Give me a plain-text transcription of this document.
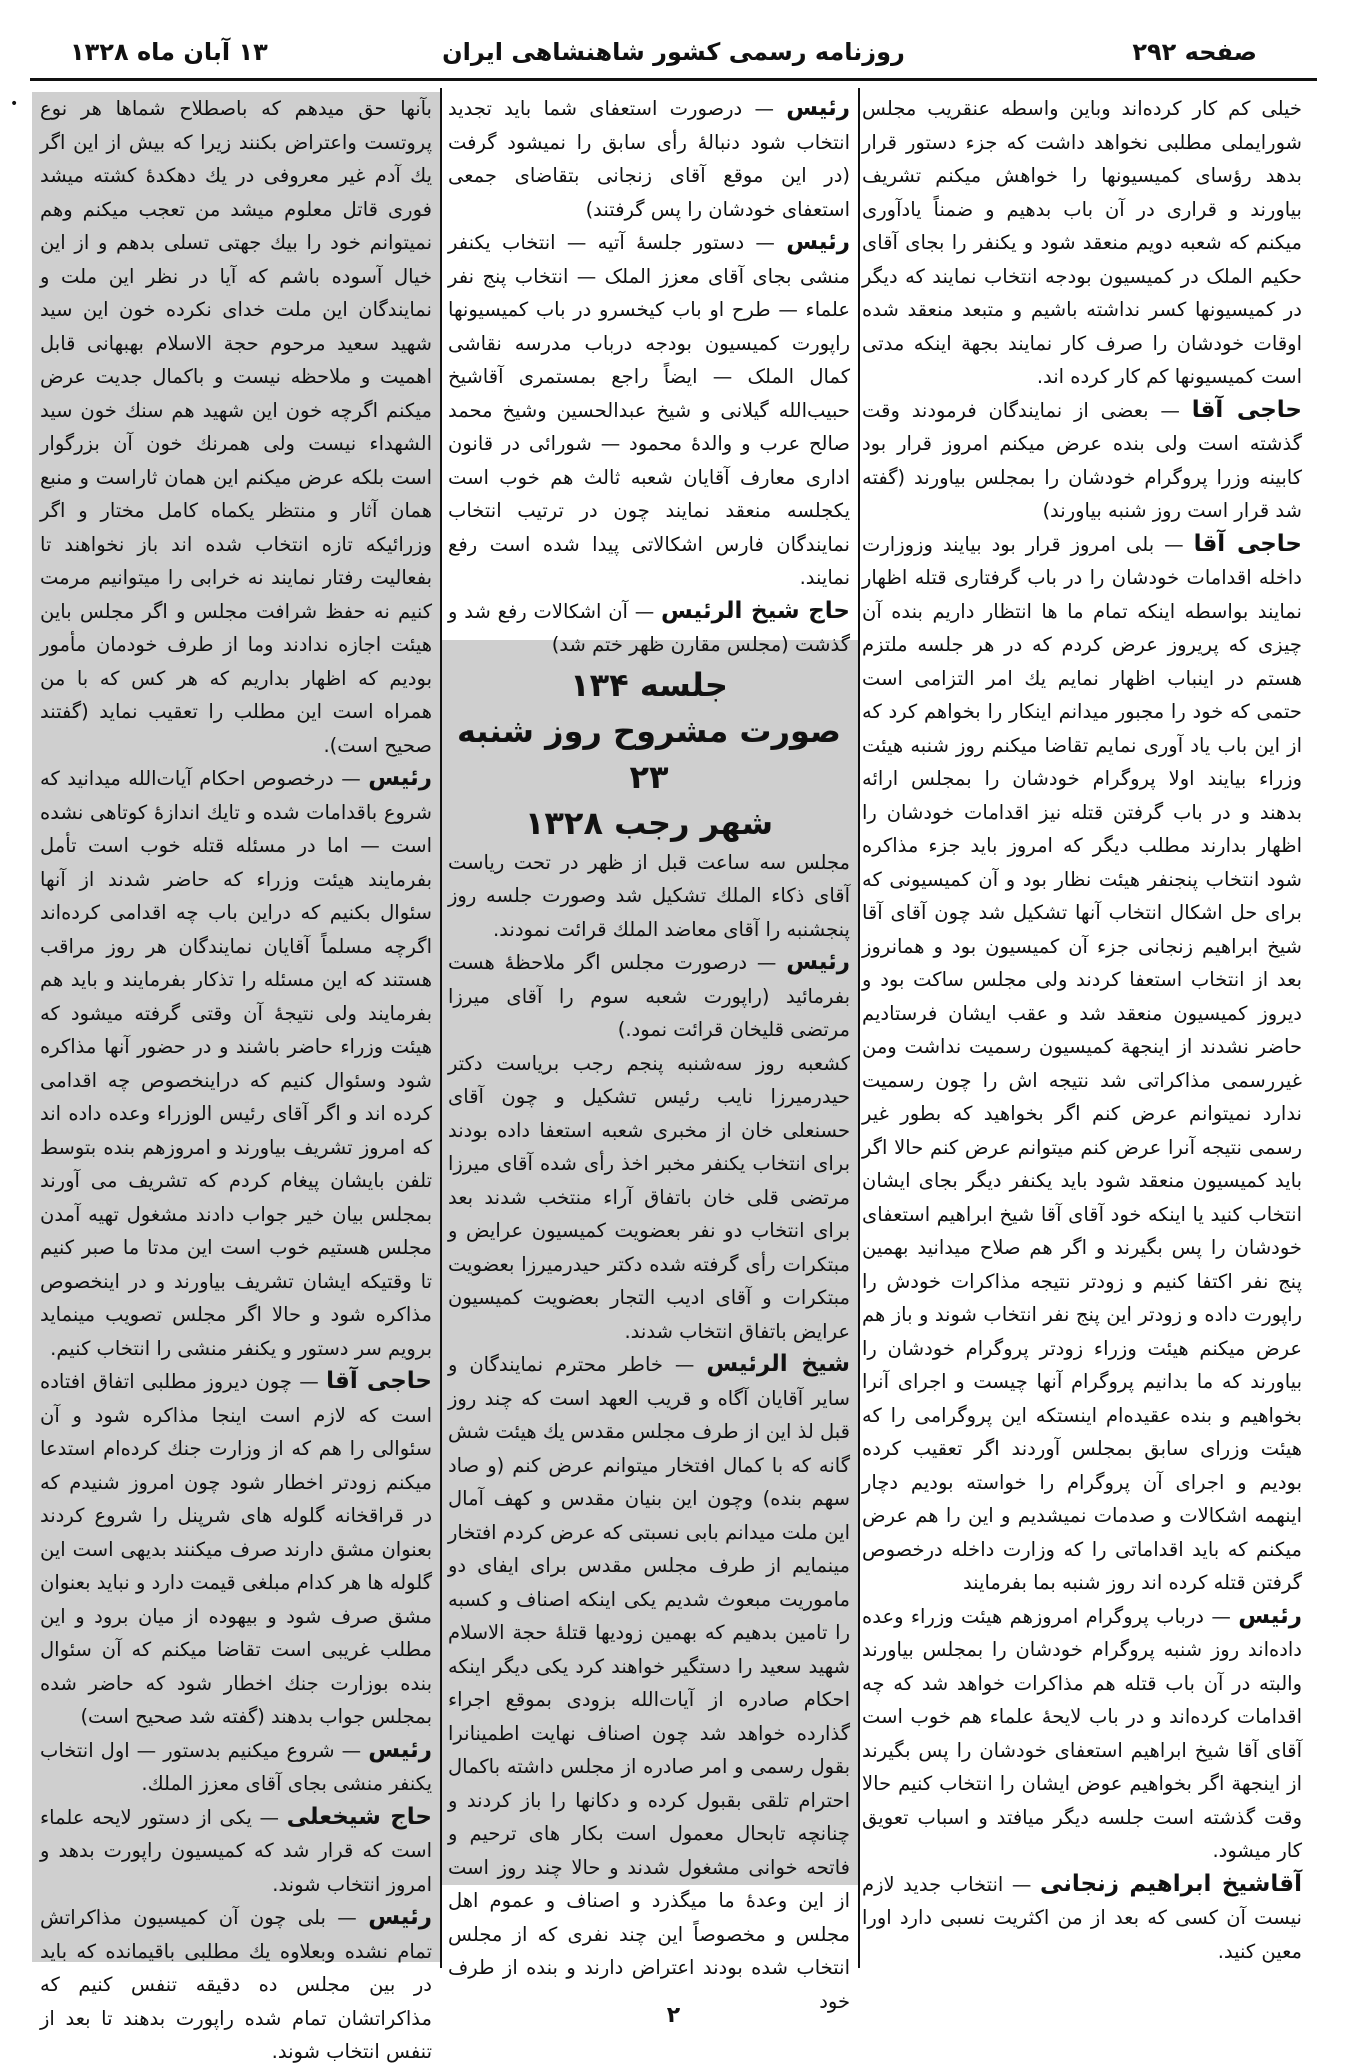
صفحه ۲۹۲
روزنامه رسمی کشور شاهنشاهی ایران
۱۳ آبان ماه ۱۳۲۸
•	خیلی کم کار کرده‌اند وباین واسطه عنقریب مجلس شورایملی مطلبی نخواهد داشت که جزء دستور قرار بدهد رؤسای کمیسیونها را خواهش میکنم تشریف بیاورند و قراری در آن باب بدهیم و ضمناً یادآوری میکنم که شعبه دویم منعقد شود و یکنفر را بجای آقای حکیم الملک در کمیسیون بودجه انتخاب نمایند که دیگر در کمیسیونها کسر نداشته باشیم و متبعد منعقد شده اوقات خودشان را صرف کار نمایند بجهة اینکه مدتی است کمیسیونها کم کار کرده اند.

حاجی آقا — بعضی از نمایندگان فرمودند وقت گذشته است ولی بنده عرض میکنم امروز قرار بود کابینه وزرا پروگرام خودشان را بمجلس بیاورند (گفته شد قرار است روز شنبه بیاورند)

حاجی آقا — بلی امروز قرار بود بیایند وزوزارت داخله اقدامات خودشان را در باب گرفتاری قتله اظهار نمایند بواسطه اینکه تمام ما ها انتظار داریم بنده آن چیزی که پریروز عرض کردم که در هر جلسه ملتزم هستم در اینباب اظهار نمایم یك امر التزامی است حتمی که خود را مجبور میدانم اینکار را بخواهم کرد که از این باب یاد آوری نمایم تقاضا میکنم روز شنبه هیئت وزراء بیایند اولا پروگرام خودشان را بمجلس ارائه بدهند و در باب گرفتن قتله نیز اقدامات خودشان را اظهار بدارند مطلب دیگر که امروز باید جزء مذاکره شود انتخاب پنجنفر هیئت نظار بود و آن کمیسیونی که برای حل اشکال انتخاب آنها تشکیل شد چون آقای آقا شیخ ابراهیم زنجانی جزء آن کمیسیون بود و همانروز بعد از انتخاب استعفا کردند ولی مجلس ساکت بود و دیروز کمیسیون منعقد شد و عقب ایشان فرستادیم حاضر نشدند از اینجهة کمیسیون رسمیت نداشت ومن غیررسمی مذاکراتی شد نتیجه اش را چون رسمیت ندارد نمیتوانم عرض کنم اگر بخواهید که بطور غیر رسمی نتیجه آنرا عرض کنم میتوانم عرض کنم حالا اگر باید کمیسیون منعقد شود باید یکنفر دیگر بجای ایشان انتخاب کنید یا اینکه خود آقای آقا شیخ ابراهیم استعفای خودشان را پس بگیرند و اگر هم صلاح میدانید بهمین پنج نفر اکتفا کنیم و زودتر نتیجه مذاکرات خودش را راپورت داده و زودتر این پنج نفر انتخاب شوند و باز هم عرض میکنم هیئت وزراء زودتر پروگرام خودشان را بیاورند که ما بدانیم پروگرام آنها چیست و اجرای آنرا بخواهیم و بنده عقیده‌ام اینستکه این پروگرامی را که هیئت وزرای سابق بمجلس آوردند اگر تعقیب کرده بودیم و اجرای آن پروگرام را خواسته بودیم دچار اینهمه اشکالات و صدمات نمیشدیم و این را هم عرض میکنم که باید اقداماتی را که وزارت داخله درخصوص گرفتن قتله کرده اند روز شنبه بما بفرمایند

رئیس — درباب پروگرام امروزهم هیئت وزراء وعده داده‌اند روز شنبه پروگرام خودشان را بمجلس بیاورند والبته در آن باب قتله هم مذاکرات خواهد شد که چه اقدامات کرده‌اند و در باب لایحهٔ علماء هم خوب است آقای آقا شیخ ابراهیم استعفای خودشان را پس بگیرند از اینجهة اگر بخواهیم عوض ایشان را انتخاب کنیم حالا وقت گذشته است جلسه دیگر میافتد و اسباب تعویق کار میشود.

آقاشیخ ابراهیم زنجانی — انتخاب جدید لازم نیست آن کسی که بعد از من اکثریت نسبی دارد اورا معین کنید.

رئیس — درصورت استعفای شما باید تجدید انتخاب شود دنبالهٔ رأی سابق را نمیشود گرفت (در این موقع آقای زنجانی بتقاضای جمعی استعفای خودشان را پس گرفتند)

رئیس — دستور جلسهٔ آتیه — انتخاب یکنفر منشی بجای آقای معزز الملک — انتخاب پنج نفر علماء — طرح او باب کیخسرو در باب کمیسیونها راپورت کمیسیون بودجه درباب مدرسه نقاشی کمال الملک — ایضاً راجع بمستمری آقاشیخ حبیب‌الله گیلانی و شیخ عبدالحسین وشیخ محمد صالح عرب و والدهٔ محمود — شورائی در قانون اداری معارف آقایان شعبه ثالث هم خوب است یکجلسه منعقد نمایند چون در ترتیب انتخاب نمایندگان فارس اشکالاتی پیدا شده است رفع نمایند.

حاج شیخ الرئیس — آن اشکالات رفع شد و گذشت (مجلس مقارن ظهر ختم شد)

جلسه ۱۳۴

صورت مشروح روز شنبه ۲۳

شهر رجب ۱۳۲۸

مجلس سه ساعت قبل از ظهر در تحت ریاست آقای ذکاء الملك تشکیل شد وصورت جلسه روز پنجشنبه را آقای معاضد الملك قرائت نمودند.

رئیس — درصورت مجلس اگر ملاحظهٔ هست بفرمائید (راپورت شعبه سوم را آقای میرزا مرتضی قلیخان قرائت نمود.)

کشعبه روز سه‌شنبه پنجم رجب بریاست دکتر حیدرمیرزا نایب رئیس تشکیل و چون آقای حسنعلی خان از مخبری شعبه استعفا داده بودند برای انتخاب یکنفر مخبر اخذ رأی شده آقای میرزا مرتضی قلی خان باتفاق آراء منتخب شدند بعد برای انتخاب دو نفر بعضویت کمیسیون عرایض و مبتکرات رأی گرفته شده دکتر حیدرمیرزا بعضویت مبتکرات و آقای ادیب التجار بعضویت کمیسیون عرایض باتفاق انتخاب شدند.

شیخ الرئیس — خاطر محترم نمایندگان و سایر آقایان آگاه و قریب العهد است که چند روز قبل لذ این از طرف مجلس مقدس یك هیئت شش گانه که با کمال افتخار میتوانم عرض کنم (و صاد سهم بنده) وچون این بنیان مقدس و کهف آمال این ملت میدانم بابی نسبتی که عرض کردم افتخار مینمایم از طرف مجلس مقدس برای ایفای دو ماموریت مبعوث شدیم یکی اینکه اصناف و کسبه را تامین بدهیم که بهمین زودیها قتلهٔ حجة الاسلام شهید سعید را دستگیر خواهند کرد یکی دیگر اینکه احکام صادره از آیات‌الله بزودی بموقع اجراء گذارده خواهد شد چون اصناف نهایت اطمینانرا بقول رسمی و امر صادره از مجلس داشته باکمال احترام تلقی بقبول کرده و دکانها را باز کردند و چنانچه تابحال معمول است بکار های ترحیم و فاتحه خوانی مشغول شدند و حالا چند روز است از این وعدهٔ ما میگذرد و اصناف و عموم اهل مجلس و مخصوصاً این چند نفری که از مجلس انتخاب شده بودند اعتراض دارند و بنده از طرف خود

بآنها حق میدهم که باصطلاح شماها هر نوع پروتست واعتراض بکنند زیرا که بیش از این اگر یك آدم غیر معروفی در یك دهکدهٔ کشته میشد فوری قاتل معلوم میشد من تعجب میکنم وهم نمیتوانم خود را بیك جهتی تسلی بدهم و از این خیال آسوده باشم که آیا در نظر این ملت و نمایندگان این ملت خدای نکرده خون این سید شهید سعید مرحوم حجة الاسلام بهبهانی قابل اهمیت و ملاحظه نیست و باکمال جدیت عرض میکنم اگرچه خون این شهید هم سنك خون سید الشهداء نیست ولی همرنك خون آن بزرگوار است بلکه عرض میکنم این همان ثاراست و منبع همان آثار و منتظر یکماه کامل مختار و اگر وزرائیکه تازه انتخاب شده اند باز نخواهند تا بفعالیت رفتار نمایند نه خرابی را میتوانیم مرمت کنیم نه حفظ شرافت مجلس و اگر مجلس باین هیئت اجازه ندادند وما از طرف خودمان مأمور بودیم که اظهار بداریم که هر کس که با من همراه است این مطلب را تعقیب نماید (گفتند صحیح است).

رئیس — درخصوص احکام آیات‌الله میدانید که شروع باقدامات شده و تایك اندازهٔ کوتاهی نشده است — اما در مسئله قتله خوب است تأمل بفرمایند هیئت وزراء که حاضر شدند از آنها سئوال بکنیم که دراین باب چه اقدامی کرده‌اند اگرچه مسلماً آقایان نمایندگان هر روز مراقب هستند که این مسئله را تذکار بفرمایند و باید هم بفرمایند ولی نتیجهٔ آن وقتی گرفته میشود که هیئت وزراء حاضر باشند و در حضور آنها مذاکره شود وسئوال کنیم که دراینخصوص چه اقدامی کرده اند و اگر آقای رئیس الوزراء وعده داده اند که امروز تشریف بیاورند و امروزهم بنده بتوسط تلفن بایشان پیغام کردم که تشریف می آورند بمجلس بیان خیر جواب دادند مشغول تهیه آمدن مجلس هستیم خوب است این مدتا ما صبر کنیم تا وقتیکه ایشان تشریف بیاورند و در اینخصوص مذاکره شود و حالا اگر مجلس تصویب مینماید برویم سر دستور و یکنفر منشی را انتخاب کنیم.

حاجی آقا — چون دیروز مطلبی اتفاق افتاده است که لازم است اینجا مذاکره شود و آن سئوالی را هم که از وزارت جنك کرده‌ام استدعا میکنم زودتر اخطار شود چون امروز شنیدم که در قراقخانه گلوله های شرپنل را شروع کردند بعنوان مشق دارند صرف میکنند بدیهی است این گلوله ها هر کدام مبلغی قیمت دارد و نباید بعنوان مشق صرف شود و بیهوده از میان برود و این مطلب غریبی است تقاضا میکنم که آن سئوال بنده بوزارت جنك اخطار شود که حاضر شده بمجلس جواب بدهند (گفته شد صحیح است)

رئیس — شروع میکنیم بدستور — اول انتخاب یکنفر منشی بجای آقای معزز الملك.

حاج شیخعلی — یکی از دستور لایحه علماء است که قرار شد که کمیسیون راپورت بدهد و امروز انتخاب شوند.

رئیس — بلی چون آن کمیسیون مذاکراتش تمام نشده وبعلاوه یك مطلبی باقیمانده که باید در بین مجلس ده دقیقه تنفس کنیم که مذاکراتشان تمام شده راپورت بدهند تا بعد از تنفس انتخاب شوند.

۲
